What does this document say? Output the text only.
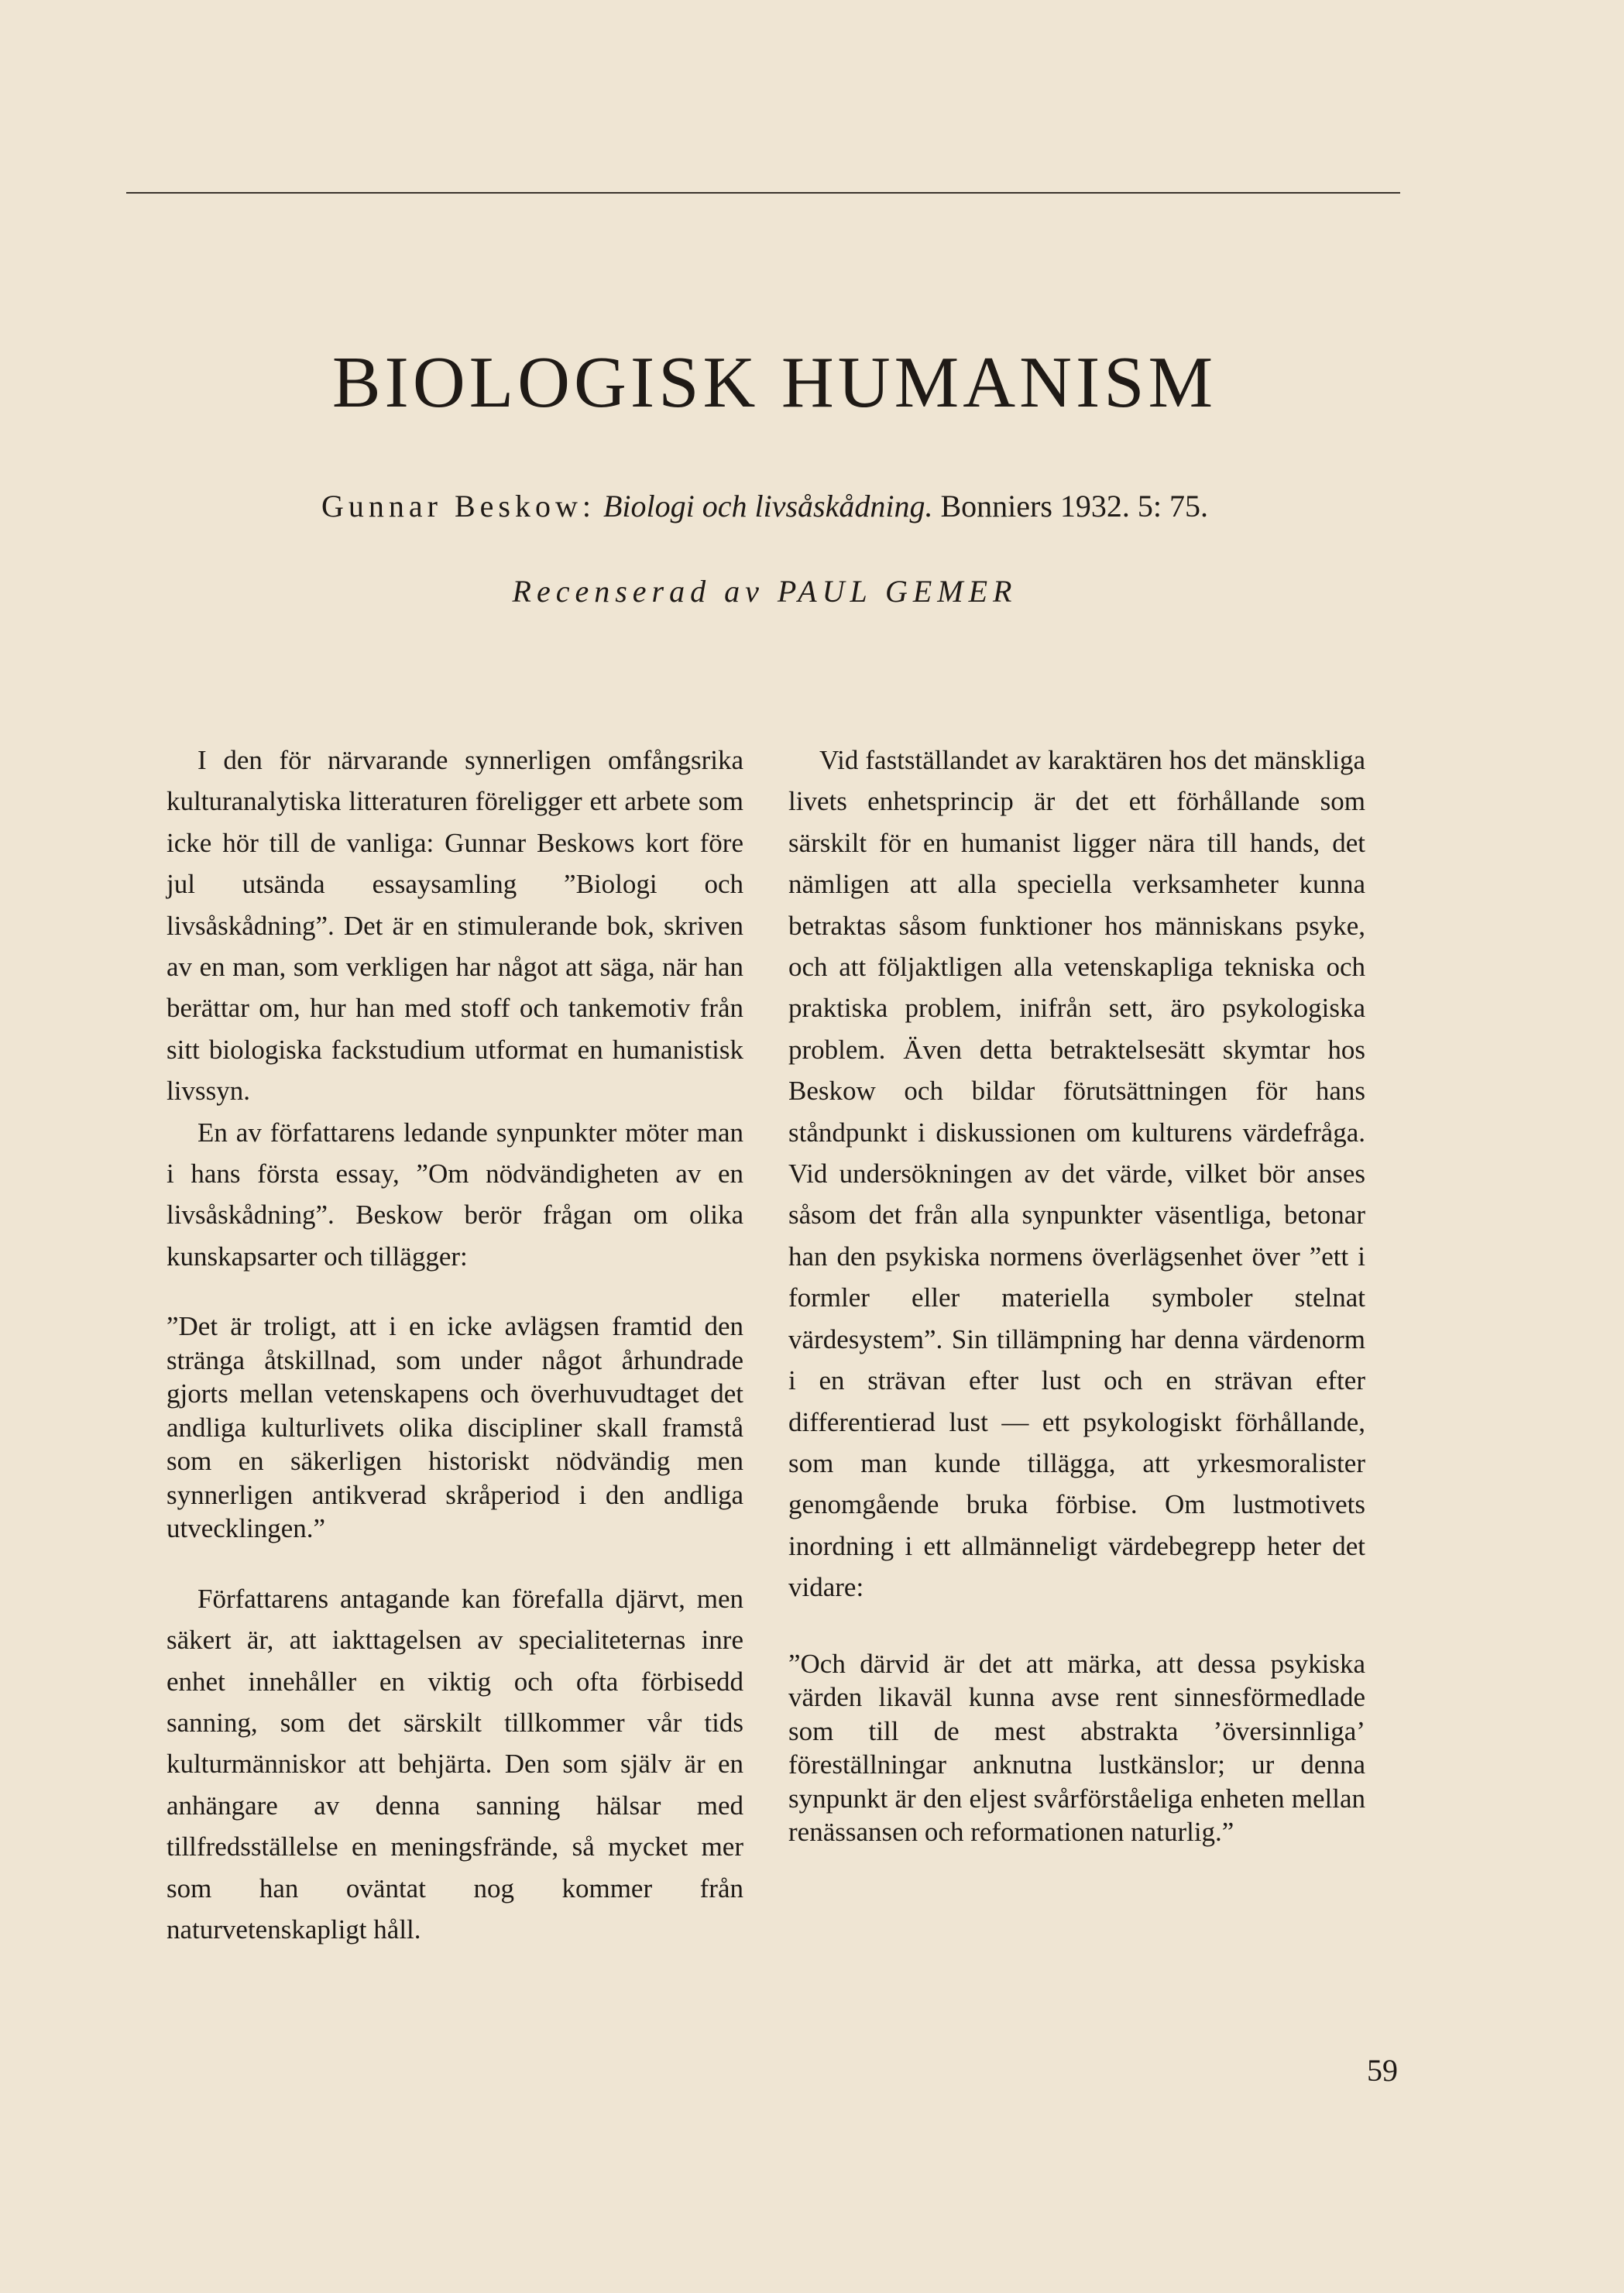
BIOLOGISK HUMANISM
Gunnar Beskow: Biologi och livsåskådning. Bonniers 1932. 5: 75.
Recenserad av PAUL GEMER

I den för närvarande synnerligen omfångsrika kulturanalytiska litteraturen föreligger ett arbete som icke hör till de vanliga: Gunnar Beskows kort före jul utsända essaysamling ”Biologi och livsåskådning”. Det är en stimulerande bok, skriven av en man, som verkligen har något att säga, när han berättar om, hur han med stoff och tankemotiv från sitt biologiska fackstudium utformat en humanistisk livssyn.

En av författarens ledande synpunkter möter man i hans första essay, ”Om nödvändigheten av en livsåskådning”. Beskow berör frågan om olika kunskapsarter och tillägger:

”Det är troligt, att i en icke avlägsen framtid den stränga åtskillnad, som under något århundrade gjorts mellan vetenskapens och överhuvudtaget det andliga kulturlivets olika discipliner skall framstå som en säkerligen historiskt nödvändig men synnerligen antikverad skråperiod i den andliga utvecklingen.”

Författarens antagande kan förefalla djärvt, men säkert är, att iakttagelsen av specialiteternas inre enhet innehåller en viktig och ofta förbisedd sanning, som det särskilt tillkommer vår tids kulturmänniskor att behjärta. Den som själv är en anhängare av denna sanning hälsar med tillfredsställelse en meningsfrände, så mycket mer som han oväntat nog kommer från naturvetenskapligt håll.

Vid fastställandet av karaktären hos det mänskliga livets enhetsprincip är det ett förhållande som särskilt för en humanist ligger nära till hands, det nämligen att alla speciella verksamheter kunna betraktas såsom funktioner hos människans psyke, och att följaktligen alla vetenskapliga tekniska och praktiska problem, inifrån sett, äro psykologiska problem. Även detta betraktelsesätt skymtar hos Beskow och bildar förutsättningen för hans ståndpunkt i diskussionen om kulturens värdefråga. Vid undersökningen av det värde, vilket bör anses såsom det från alla synpunkter väsentliga, betonar han den psykiska normens överlägsenhet över ”ett i formler eller materiella symboler stelnat värdesystem”. Sin tillämpning har denna värdenorm i en strävan efter lust och en strävan efter differentierad lust — ett psykologiskt förhållande, som man kunde tillägga, att yrkesmoralister genomgående bruka förbise. Om lustmotivets inordning i ett allmänneligt värdebegrepp heter det vidare:

”Och därvid är det att märka, att dessa psykiska värden likaväl kunna avse rent sinnesförmedlade som till de mest abstrakta ’översinnliga’ föreställningar anknutna lustkänslor; ur denna synpunkt är den eljest svårförståeliga enheten mellan renässansen och reformationen naturlig.”

59
